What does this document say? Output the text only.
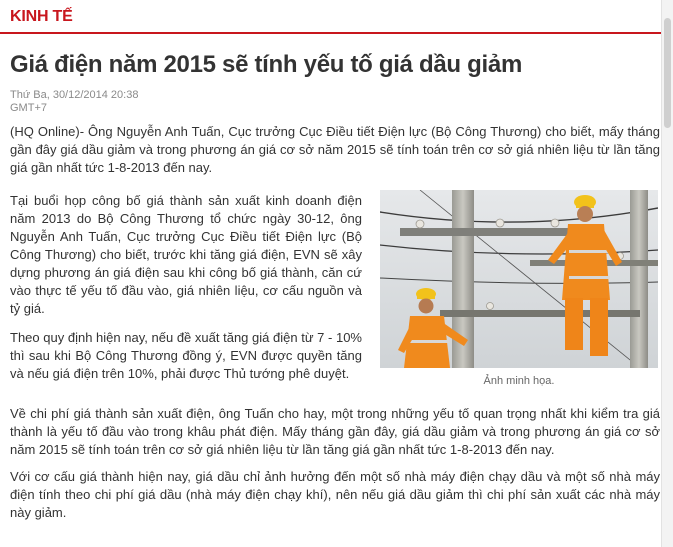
KINH TẾ
Giá điện năm 2015 sẽ tính yếu tố giá dầu giảm
Thứ Ba, 30/12/2014 20:38 GMT+7

(HQ Online)- Ông Nguyễn Anh Tuấn, Cục trưởng Cục Điều tiết Điện lực (Bộ Công Thương) cho biết, mấy tháng gần đây giá dầu giảm và trong phương án giá cơ sở năm 2015 sẽ tính toán trên cơ sở giá nhiên liệu từ lần tăng giá gần nhất tức 1-8-2013 đến nay.

Tại buổi họp công bố giá thành sản xuất kinh doanh điện năm 2013 do Bộ Công Thương tổ chức ngày 30-12, ông Nguyễn Anh Tuấn, Cục trưởng Cục Điều tiết Điện lực (Bộ Công Thương) cho biết, trước khi tăng giá điện, EVN sẽ xây dựng phương án giá điện sau khi công bố giá thành, căn cứ vào thực tế yếu tố đầu vào, giá nhiên liệu, cơ cấu nguồn và tỷ giá.

Theo quy định hiện nay, nếu đề xuất tăng giá điện từ 7 - 10% thì sau khi Bộ Công Thương đồng ý, EVN được quyền tăng và nếu giá điện trên 10%, phải được Thủ tướng phê duyệt.	Ảnh minh họa.

Về chi phí giá thành sản xuất điện, ông Tuấn cho hay, một trong những yếu tố quan trọng nhất khi kiểm tra giá thành là yếu tố đầu vào trong khâu phát điện. Mấy tháng gần đây, giá dầu giảm và trong phương án giá cơ sở năm 2015 sẽ tính toán trên cơ sở giá nhiên liệu từ lần tăng giá gần nhất tức 1-8-2013 đến nay.

Với cơ cấu giá thành hiện nay, giá dầu chỉ ảnh hưởng đến một số nhà máy điện chạy dầu và một số nhà máy điện tính theo chi phí giá dầu (nhà máy điện chạy khí), nên nếu giá dầu giảm thì chi phí sản xuất các nhà máy này giảm.
